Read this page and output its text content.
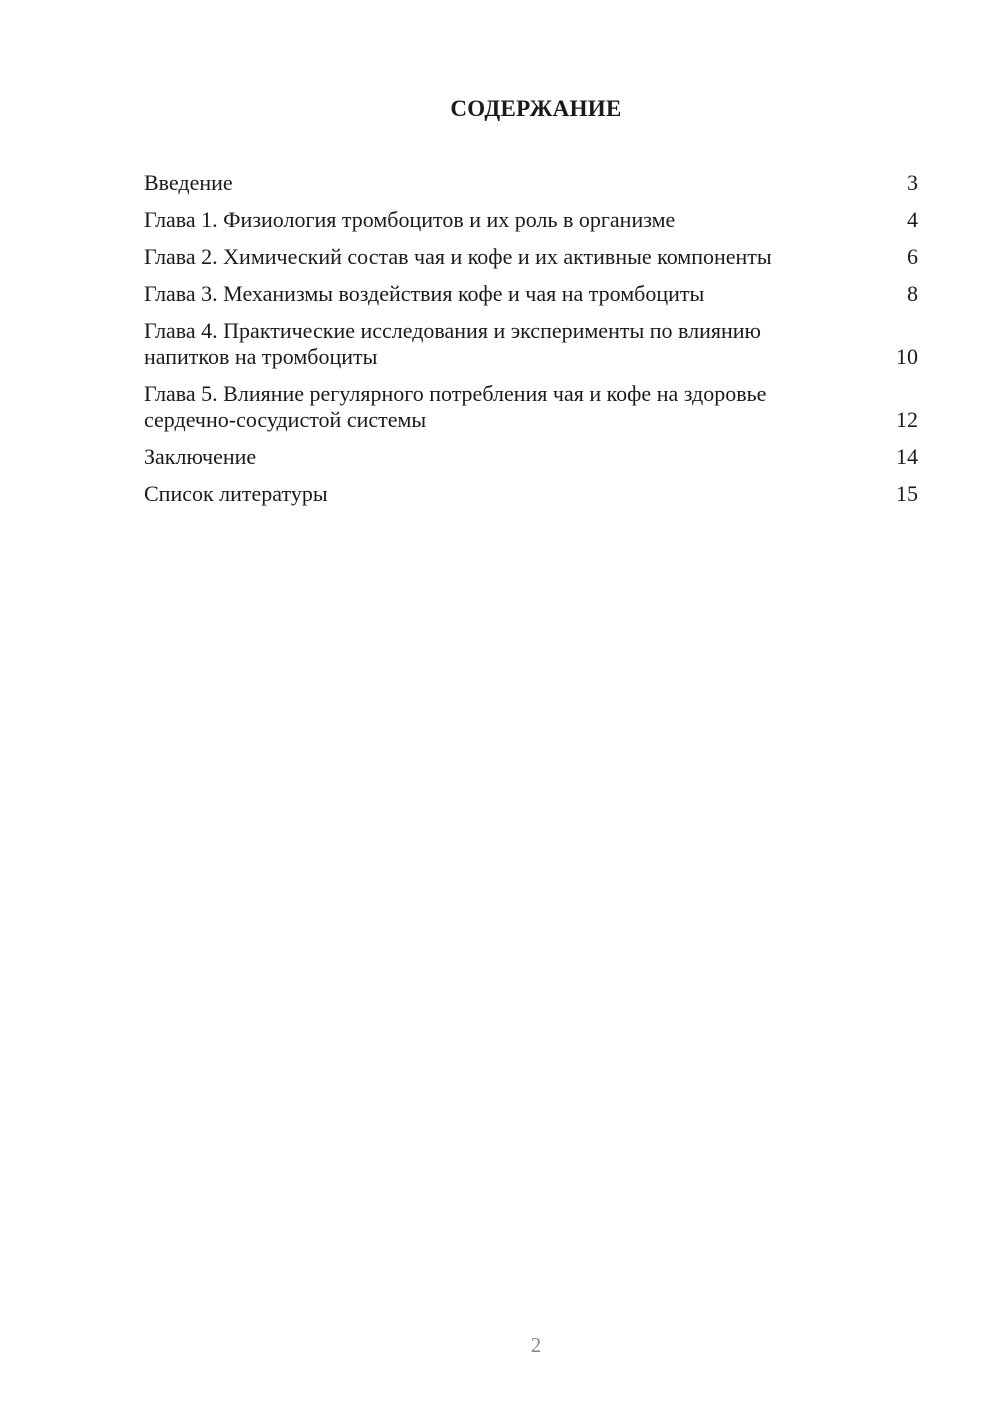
СОДЕРЖАНИЕ
Введение	3
Глава 1. Физиология тромбоцитов и их роль в организме	4
Глава 2. Химический состав чая и кофе и их активные компоненты	6
Глава 3. Механизмы воздействия кофе и чая на тромбоциты	8
Глава 4. Практические исследования и эксперименты по влиянию напитков на тромбоциты	10
Глава 5. Влияние регулярного потребления чая и кофе на здоровье сердечно-сосудистой системы	12
Заключение	14
Список литературы	15
2
